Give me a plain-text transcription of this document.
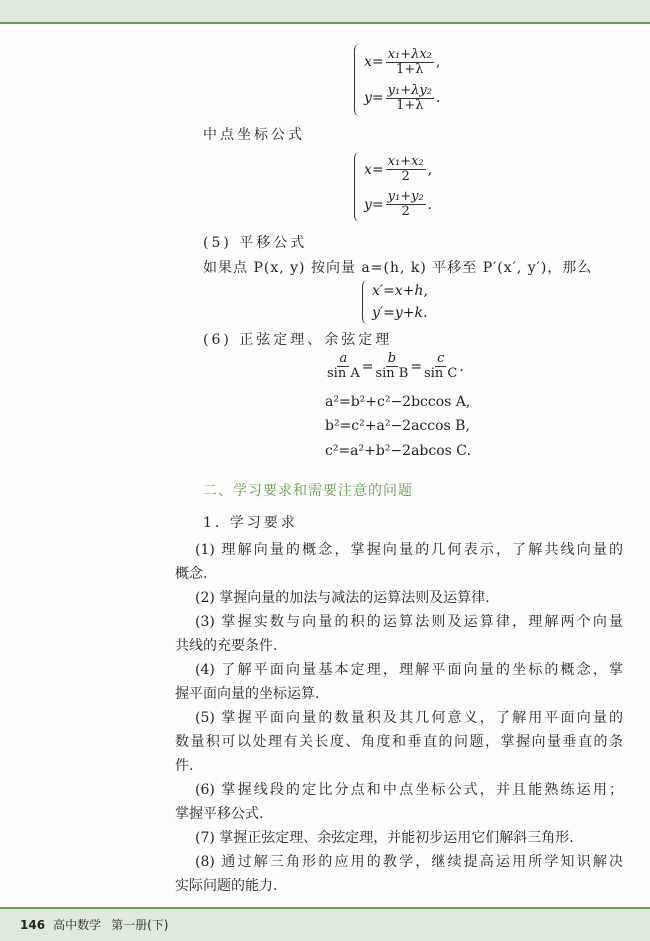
$x = \frac{\text{x₁+λx₂}}{1+\lambda}$ ,
$y = \frac{\text{y₁+λy₂}}{1+\lambda}$ .
中点坐标公式
$x = \frac{\text{x₁+x₂}}{2}$ ,
$y = \frac{\text{y₁+y₂}}{2}$ .
(5) 平移公式
如果点 P(x, y) 按向量 a=(h, k) 平移至 P′(x′, y′)，那么
x′=x+h,
y′=y+k.
(6) 正弦定理、余弦定理
$\frac{a}{\text{sin A}} = \frac{b}{\text{sin B}} = \frac{c}{\text{sin C}}$ .
a²=b²+c²−2bccos A,
b²=c²+a²−2accos B,
c²=a²+b²−2abcos C.
二、学习要求和需要注意的问题
1. 学习要求
(1) 理解向量的概念，掌握向量的几何表示，了解共线向量的
概念.
(2) 掌握向量的加法与减法的运算法则及运算律.
(3) 掌握实数与向量的积的运算法则及运算律，理解两个向量
共线的充要条件.
(4) 了解平面向量基本定理，理解平面向量的坐标的概念，掌
握平面向量的坐标运算.
(5) 掌握平面向量的数量积及其几何意义，了解用平面向量的
数量积可以处理有关长度、角度和垂直的问题，掌握向量垂直的条
件.
(6) 掌握线段的定比分点和中点坐标公式，并且能熟练运用；
掌握平移公式.
(7) 掌握正弦定理、余弦定理，并能初步运用它们解斜三角形.
(8) 通过解三角形的应用的教学，继续提高运用所学知识解决
实际问题的能力.
146 高中数学 第一册(下)
